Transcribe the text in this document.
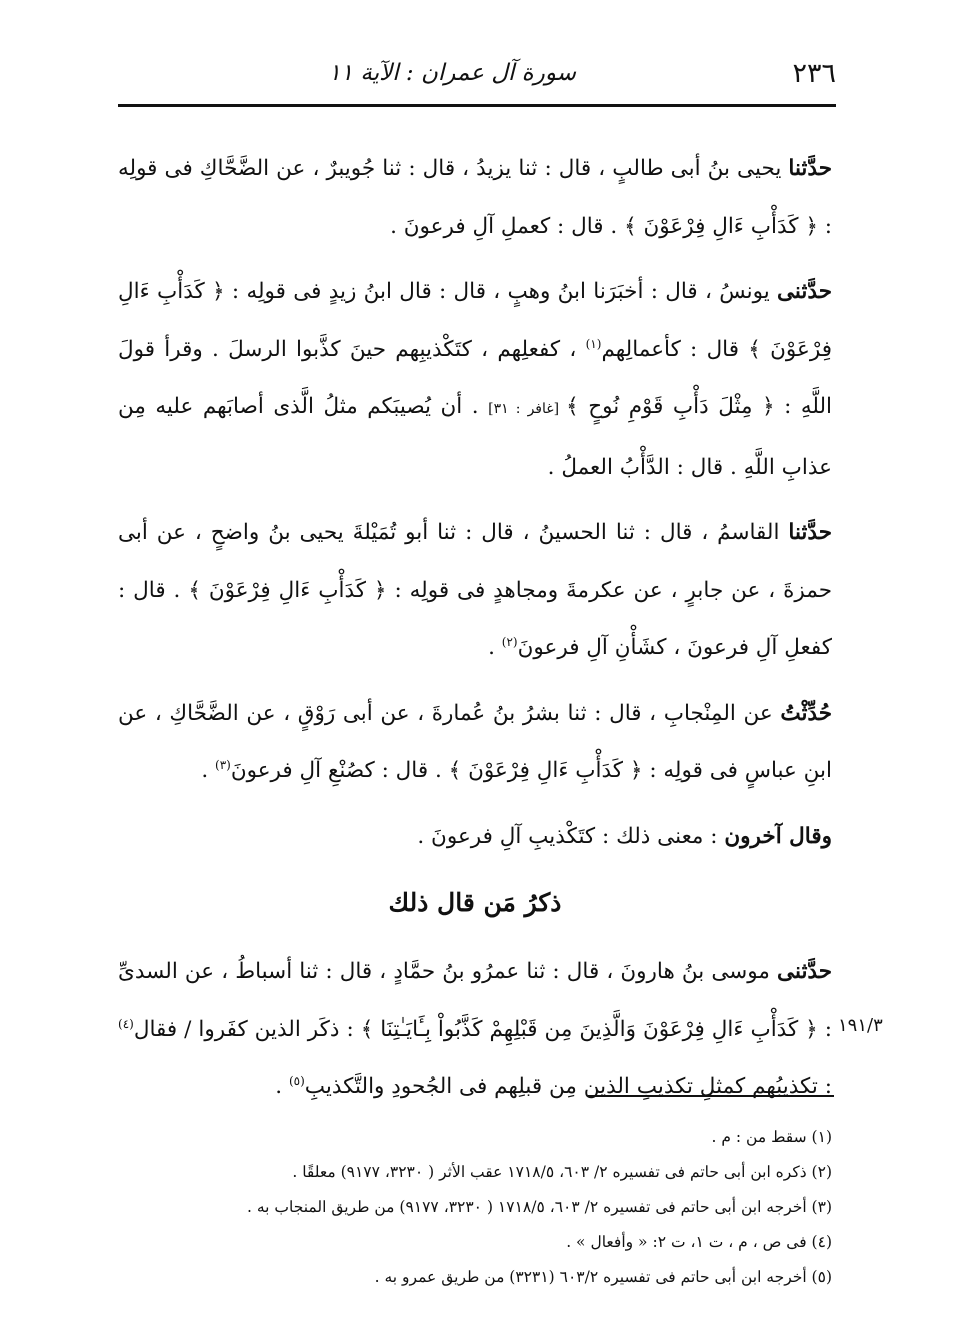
٢٣٦
سورة آل عمران : الآية ١١

حدَّثنا يحيى بنُ أبى طالبٍ ، قال : ثنا يزيدُ ، قال : ثنا جُويبرٌ ، عن الضَّحَّاكِ فى قولِه : ﴿ كَدَأْبِ ءَالِ فِرْعَوْنَ ﴾ . قال : كعملِ آلِ فرعونَ .

حدَّثنى يونسُ ، قال : أخبَرَنا ابنُ وهبٍ ، قال : قال ابنُ زيدٍ فى قولِه : ﴿ كَدَأْبِ ءَالِ فِرْعَوْنَ ﴾ قال : كأعمالِهم$^{(١)}$ ، كفعلِهم ، كتَكْذيبِهم حينَ كذَّبوا الرسلَ . وقرأ قولَ اللَّهِ : ﴿ مِثْلَ دَأْبِ قَوْمِ نُوحٍ ﴾ [غافر : ٣١] . أن يُصيبَكم مثلُ الَّذى أصابَهم عليه مِن عذابِ اللَّهِ . قال : الدَّأْبُ العملُ .

حدَّثنا القاسمُ ، قال : ثنا الحسينُ ، قال : ثنا أبو تُمَيْلةَ يحيى بنُ واضحٍ ، عن أبى حمزةَ ، عن جابرٍ ، عن عكرمةَ ومجاهدٍ فى قولِه : ﴿ كَدَأْبِ ءَالِ فِرْعَوْنَ ﴾ . قال : كفعلِ آلِ فرعونَ ، كشَأْنِ آلِ فرعونَ$^{(٢)}$ .

حُدِّثْتُ عن المِنْجابِ ، قال : ثنا بشرُ بنُ عُمارةَ ، عن أبى رَوْقٍ ، عن الضَّحَّاكِ ، عن ابنِ عباسٍ فى قولِه : ﴿ كَدَأْبِ ءَالِ فِرْعَوْنَ ﴾ . قال : كصُنْعِ آلِ فرعونَ$^{(٣)}$ .

وقال آخرون : معنى ذلك : كتَكْذيبِ آلِ فرعونَ .

ذكرُ مَن قال ذلك

حدَّثنى موسى بنُ هارونَ ، قال : ثنا عمرُو بنُ حمَّادٍ ، قال : ثنا أسباطُ ، عن السدىِّ : ﴿ كَدَأْبِ ءَالِ فِرْعَوْنَ وَالَّذِينَ مِن قَبْلِهِمْ كَذَّبُواْ بِـَٔايَـٰتِنَا ﴾ : ذكَر الذين كفَروا / فقال$^{(٤)}$ : تكذيبُهم كمثلِ تكذيبِ الذين مِن قبلِهم فى الجُحودِ والتَّكذيبِ$^{(٥)}$ .

١٩١/٣
(١) سقط من : م .
(٢) ذكره ابن أبى حاتم فى تفسيره ٢/ ٦٠٣، ١٧١٨/٥ عقب الأثر ( ٣٢٣٠، ٩١٧٧) معلقًا .
(٣) أخرجه ابن أبى حاتم فى تفسيره ٢/ ٦٠٣، ١٧١٨/٥ ( ٣٢٣٠، ٩١٧٧) من طريق المنجاب به .
(٤) فى ص ، م ، ت ١، ت ٢: « وأفعال » .
(٥) أخرجه ابن أبى حاتم فى تفسيره ٦٠٣/٢ (٣٢٣١) من طريق عمرو به .
